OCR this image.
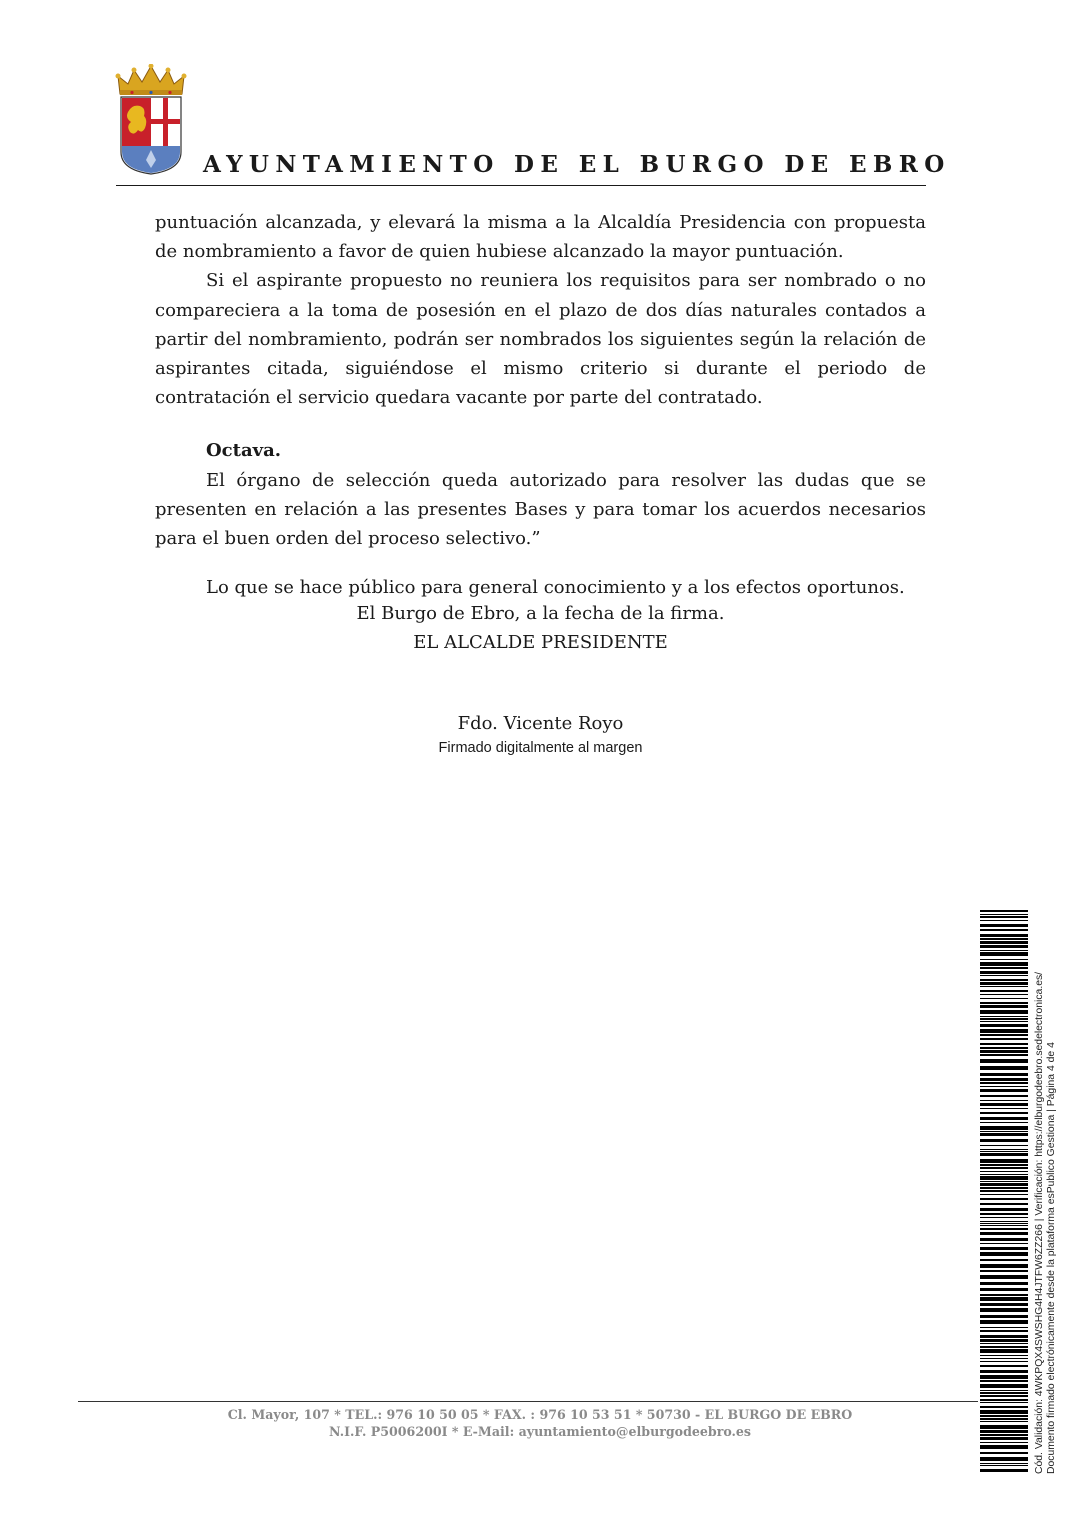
AYUNTAMIENTO DE EL BURGO DE EBRO

puntuación alcanzada, y elevará la misma a la Alcaldía Presidencia con propuesta de nombramiento a favor de quien hubiese alcanzado la mayor puntuación.

Si el aspirante propuesto no reuniera los requisitos para ser nombrado o no compareciera a la toma de posesión en el plazo de dos días naturales contados a partir del nombramiento, podrán ser nombrados los siguientes según la relación de aspirantes citada, siguiéndose el mismo criterio si durante el periodo de contratación el servicio quedara vacante por parte del contratado.

Octava.

El órgano de selección queda autorizado para resolver las dudas que se presenten en relación a las presentes Bases y para tomar los acuerdos necesarios para el buen orden del proceso selectivo.”

Lo que se hace público para general conocimiento y a los efectos oportunos.
El Burgo de Ebro, a la fecha de la firma.
EL ALCALDE PRESIDENTE
Fdo. Vicente Royo
Firmado digitalmente al margen
Cl. Mayor, 107 * TEL.: 976 10 50 05 * FAX. : 976 10 53 51 * 50730 - EL BURGO DE EBRO
N.I.F. P5006200I * E-Mail: ayuntamiento@elburgodeebro.es	Cód. Validación: 4WKPQX4SWSHG4H4JTFW6ZZ266 | Verificación: https://elburgodeebro.sedelectronica.es/ Documento firmado electrónicamente desde la plataforma esPublico Gestiona | Página 4 de 4
